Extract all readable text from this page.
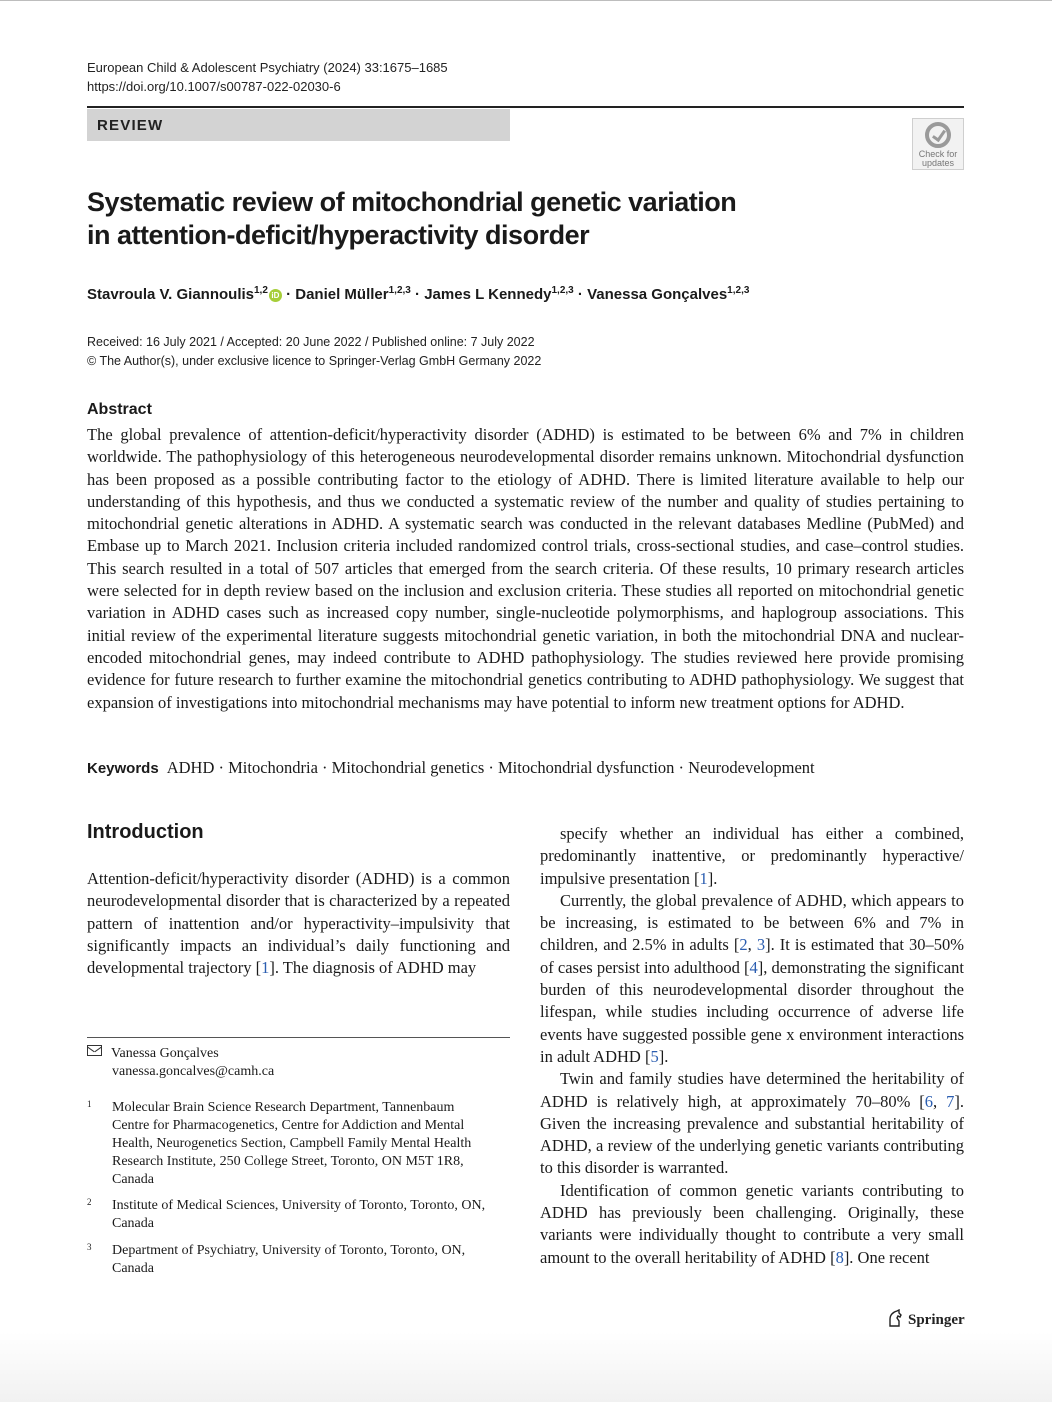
European Child & Adolescent Psychiatry (2024) 33:1675–1685
https://doi.org/10.1007/s00787-022-02030-6
REVIEW
Check for updates
Systematic review of mitochondrial genetic variation
in attention-deficit/hyperactivity disorder
Stavroula V. Giannoulis$^{1,2}$ iD · Daniel Müller$^{1,2,3}$ · James L Kennedy$^{1,2,3}$ · Vanessa Gonçalves$^{1,2,3}$
Received: 16 July 2021 / Accepted: 20 June 2022 / Published online: 7 July 2022
© The Author(s), under exclusive licence to Springer-Verlag GmbH Germany 2022
Abstract

The global prevalence of attention-deficit/hyperactivity disorder (ADHD) is estimated to be between 6% and 7% in children worldwide. The pathophysiology of this heterogeneous neurodevelopmental disorder remains unknown. Mitochondrial dysfunction has been proposed as a possible contributing factor to the etiology of ADHD. There is limited literature available to help our understanding of this hypothesis, and thus we conducted a systematic review of the number and quality of studies pertaining to mitochondrial genetic alterations in ADHD. A systematic search was conducted in the relevant databases Medline (PubMed) and Embase up to March 2021. Inclusion criteria included randomized control trials, cross-sectional studies, and case–control studies. This search resulted in a total of 507 articles that emerged from the search criteria. Of these results, 10 primary research articles were selected for in depth review based on the inclusion and exclusion criteria. These studies all reported on mitochondrial genetic variation in ADHD cases such as increased copy number, single-nucleotide polymorphisms, and haplogroup associations. This initial review of the experimental literature suggests mitochondrial genetic variation, in both the mitochondrial DNA and nuclear-encoded mitochondrial genes, may indeed contribute to ADHD pathophysiology. The studies reviewed here provide promising evidence for future research to further examine the mitochondrial genetics contributing to ADHD pathophysiology. We suggest that expansion of investigations into mitochondrial mechanisms may have potential to inform new treatment options for ADHD.

Keywords ADHD · Mitochondria · Mitochondrial genetics · Mitochondrial dysfunction · Neurodevelopment
Introduction

Attention-deficit/hyperactivity disorder (ADHD) is a common neurodevelopmental disorder that is characterized by a repeated pattern of inattention and/or hyperactivity–impulsivity that significantly impacts an individual’s daily functioning and developmental trajectory [1]. The diagnosis of ADHD may

specify whether an individual has either a combined, predominantly inattentive, or predominantly hyperactive/ impulsive presentation [1].

Currently, the global prevalence of ADHD, which appears to be increasing, is estimated to be between 6% and 7% in children, and 2.5% in adults [2, 3]. It is estimated that 30–50% of cases persist into adulthood [4], demonstrating the significant burden of this neurodevelopmental disorder throughout the lifespan, while studies including occurrence of adverse life events have suggested possible gene x environment interactions in adult ADHD [5].

Twin and family studies have determined the heritability of ADHD is relatively high, at approximately 70–80% [6, 7]. Given the increasing prevalence and substantial heritability of ADHD, a review of the underlying genetic variants contributing to this disorder is warranted.

Identification of common genetic variants contributing to ADHD has previously been challenging. Originally, these variants were individually thought to contribute a very small amount to the overall heritability of ADHD [8]. One recent

Vanessa Gonçalves
vanessa.goncalves@camh.ca
1 Molecular Brain Science Research Department, Tannenbaum Centre for Pharmacogenetics, Centre for Addiction and Mental Health, Neurogenetics Section, Campbell Family Mental Health Research Institute, 250 College Street, Toronto, ON M5T 1R8, Canada
2 Institute of Medical Sciences, University of Toronto, Toronto, ON, Canada
3 Department of Psychiatry, University of Toronto, Toronto, ON, Canada
Springer
